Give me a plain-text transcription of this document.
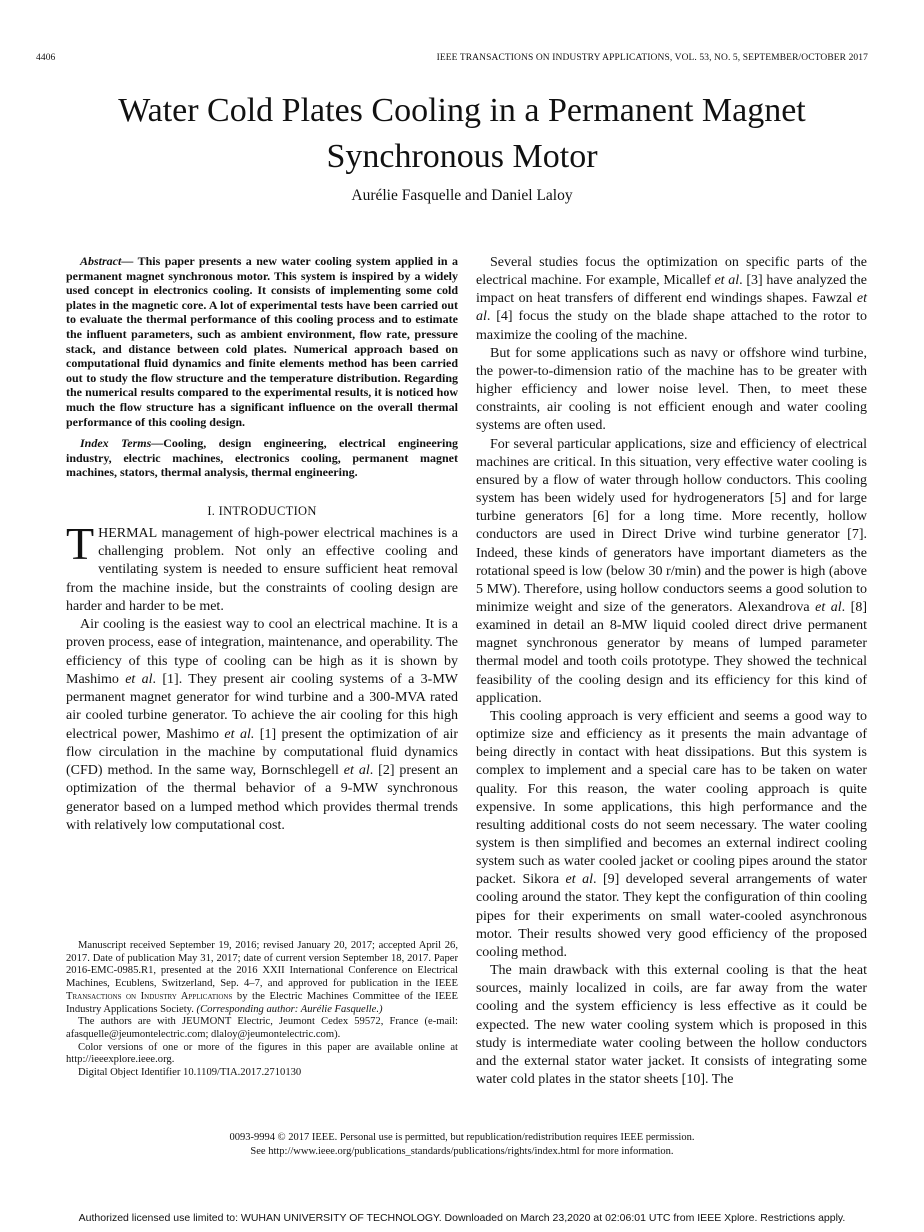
4406	IEEE TRANSACTIONS ON INDUSTRY APPLICATIONS, VOL. 53, NO. 5, SEPTEMBER/OCTOBER 2017
Water Cold Plates Cooling in a Permanent Magnet
Synchronous Motor
Aurélie Fasquelle and Daniel Laloy

Abstract— This paper presents a new water cooling system applied in a permanent magnet synchronous motor. This system is inspired by a widely used concept in electronics cooling. It consists of implementing some cold plates in the magnetic core. A lot of experimental tests have been carried out to evaluate the thermal performance of this cooling process and to estimate the influent parameters, such as ambient environment, flow rate, pressure stack, and distance between cold plates. Numerical approach based on computational fluid dynamics and finite elements method has been carried out to study the flow structure and the temperature distribution. Regarding the numerical results compared to the experimental results, it is noticed how much the flow structure has a significant influence on the overall thermal performance of this cooling design.

Index Terms—Cooling, design engineering, electrical engineering industry, electric machines, electronics cooling, permanent magnet machines, stators, thermal analysis, thermal engineering.

I. INTRODUCTION

THERMAL management of high-power electrical machines is a challenging problem. Not only an effective cooling and ventilating system is needed to ensure sufficient heat removal from the machine inside, but the constraints of cooling design are harder and harder to be met.

Air cooling is the easiest way to cool an electrical machine. It is a proven process, ease of integration, maintenance, and operability. The efficiency of this type of cooling can be high as it is shown by Mashimo et al. [1]. They present air cooling systems of a 3-MW permanent magnet generator for wind turbine and a 300-MVA rated air cooled turbine generator. To achieve the air cooling for this high electrical power, Mashimo et al. [1] present the optimization of air flow circulation in the machine by computational fluid dynamics (CFD) method. In the same way, Bornschlegell et al. [2] present an optimization of the thermal behavior of a 9-MW synchronous generator based on a lumped method which provides thermal trends with relatively low computational cost.

Manuscript received September 19, 2016; revised January 20, 2017; accepted April 26, 2017. Date of publication May 31, 2017; date of current version September 18, 2017. Paper 2016-EMC-0985.R1, presented at the 2016 XXII International Conference on Electrical Machines, Ecublens, Switzerland, Sep. 4–7, and approved for publication in the IEEE Transactions on Industry Applications by the Electric Machines Committee of the IEEE Industry Applications Society. (Corresponding author: Aurélie Fasquelle.)

The authors are with JEUMONT Electric, Jeumont Cedex 59572, France (e-mail: afasquelle@jeumontelectric.com; dlaloy@jeumontelectric.com).

Color versions of one or more of the figures in this paper are available online at http://ieeexplore.ieee.org.

Digital Object Identifier 10.1109/TIA.2017.2710130

Several studies focus the optimization on specific parts of the electrical machine. For example, Micallef et al. [3] have analyzed the impact on heat transfers of different end windings shapes. Fawzal et al. [4] focus the study on the blade shape attached to the rotor to maximize the cooling of the machine.

But for some applications such as navy or offshore wind turbine, the power-to-dimension ratio of the machine has to be greater with higher efficiency and lower noise level. Then, to meet these constraints, air cooling is not efficient enough and water cooling systems are often used.

For several particular applications, size and efficiency of electrical machines are critical. In this situation, very effective water cooling is ensured by a flow of water through hollow conductors. This cooling system has been widely used for hydrogenerators [5] and for large turbine generators [6] for a long time. More recently, hollow conductors are used in Direct Drive wind turbine generator [7]. Indeed, these kinds of generators have important diameters as the rotational speed is low (below 30 r/min) and the power is high (above 5 MW). Therefore, using hollow conductors seems a good solution to minimize weight and size of the generators. Alexandrova et al. [8] examined in detail an 8-MW liquid cooled direct drive permanent magnet synchronous generator by means of lumped parameter thermal model and tooth coils prototype. They showed the technical feasibility of the cooling design and its efficiency for this kind of application.

This cooling approach is very efficient and seems a good way to optimize size and efficiency as it presents the main advantage of being directly in contact with heat dissipations. But this system is complex to implement and a special care has to be taken on water quality. For this reason, the water cooling approach is quite expensive. In some applications, this high performance and the resulting additional costs do not seem necessary. The water cooling system is then simplified and becomes an external indirect cooling system such as water cooled jacket or cooling pipes around the stator packet. Sikora et al. [9] developed several arrangements of water cooling around the stator. They kept the configuration of thin cooling pipes for their experiments on small water-cooled asynchronous motor. Their results showed very good efficiency of the proposed cooling method.

The main drawback with this external cooling is that the heat sources, mainly localized in coils, are far away from the water cooling and the system efficiency is less effective as it could be expected. The new water cooling system which is proposed in this study is intermediate water cooling between the hollow conductors and the external stator water jacket. It consists of integrating some water cold plates in the stator sheets [10]. The

0093-9994 © 2017 IEEE. Personal use is permitted, but republication/redistribution requires IEEE permission.
See http://www.ieee.org/publications_standards/publications/rights/index.html for more information.
Authorized licensed use limited to: WUHAN UNIVERSITY OF TECHNOLOGY. Downloaded on March 23,2020 at 02:06:01 UTC from IEEE Xplore. Restrictions apply.
